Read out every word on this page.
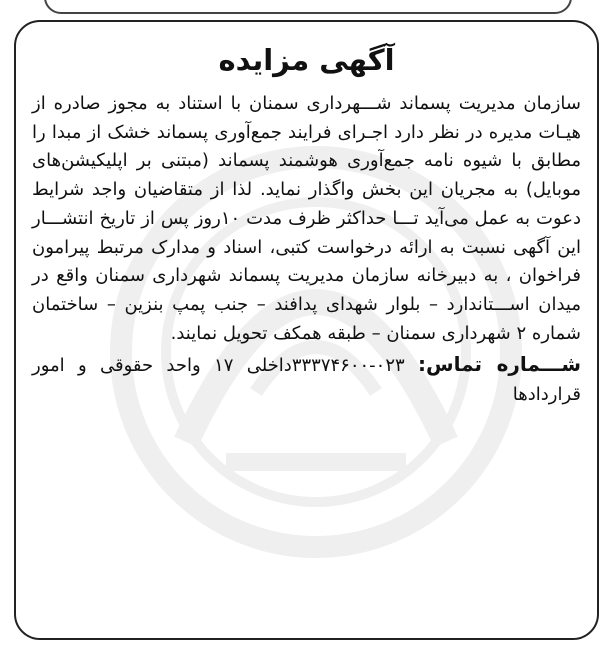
آگهی مزایده

سازمان مدیریت پسماند شـــهرداری سمنان با استناد به مجوز صادره از هیـات مدیره در نظر دارد اجـرای فرایند جمع‌آوری پسماند خشک از مبدا را مطابق با شیوه نامه جمع‌آوری هوشمند پسماند (مبتنی بر اپلیکیشن‌های موبایل) به مجریان این بخش واگذار نماید. لذا از متقاضیان واجد شرایط دعوت به عمل می‌آید تـــا حداکثر ظرف مدت ۱۰روز پس از تاریخ انتشـــار این آگهی نسبت به ارائه درخواست کتبی، اسناد و مدارک مرتبط پیرامون فراخوان ، به دبیرخانه سازمان مدیریت پسماند شهرداری سمنان واقع در میدان اســـتاندارد – بلوار شهدای پدافند – جنب پمپ بنزین – ساختمان شماره ۲ شهرداری سمنان – طبقه همکف تحویل نمایند.

شـــماره تماس: ۰۲۳-۳۳۳۷۴۶۰۰داخلی ۱۷ واحد حقوقی و امور قراردادها
